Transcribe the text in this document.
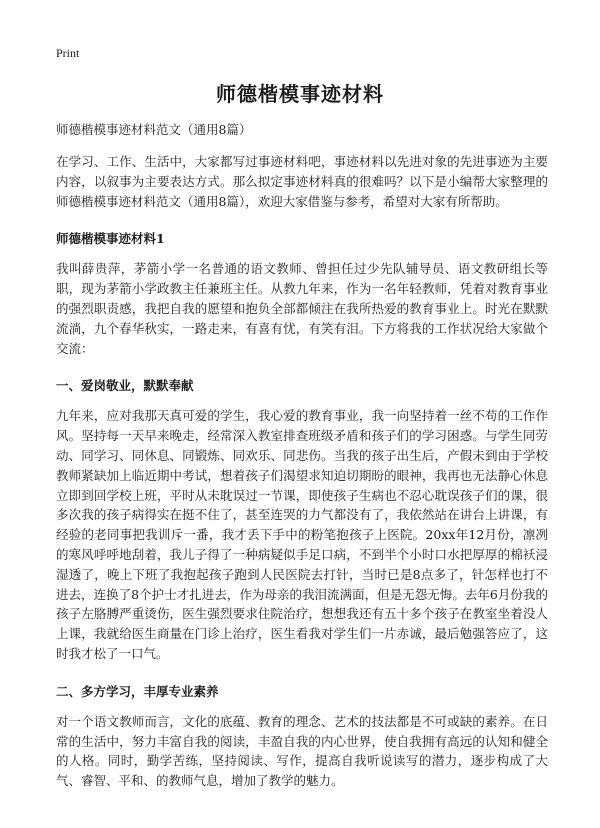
Print
师德楷模事迹材料

师德楷模事迹材料范文（通用8篇）

在学习、工作、生活中，大家都写过事迹材料吧，事迹材料以先进对象的先进事迹为主要内容，以叙事为主要表达方式。那么拟定事迹材料真的很难吗？以下是小编帮大家整理的师德楷模事迹材料范文（通用8篇），欢迎大家借鉴与参考，希望对大家有所帮助。

师德楷模事迹材料1

我叫薛贵萍，茅箭小学一名普通的语文教师、曾担任过少先队辅导员、语文教研组长等职，现为茅箭小学政教主任兼班主任。从教九年来，作为一名年轻教师，凭着对教育事业的强烈职责感，我把自我的愿望和抱负全部都倾注在我所热爱的教育事业上。时光在默默流淌，九个春华秋实，一路走来，有喜有忧，有笑有泪。下方将我的工作状况给大家做个交流：

一、爱岗敬业，默默奉献

九年来，应对我那天真可爱的学生，我心爱的教育事业，我一向坚持着一丝不苟的工作作风。坚持每一天早来晚走，经常深入教室排查班级矛盾和孩子们的学习困惑。与学生同劳动、同学习、同休息、同锻炼、同欢乐、同悲伤。当我的孩子出生后，产假未到由于学校教师紧缺加上临近期中考试，想着孩子们渴望求知迫切期盼的眼神，我再也无法静心休息立即到回学校上班，平时从未耽误过一节课，即使孩子生病也不忍心耽误孩子们的课，很多次我的孩子病得实在挺不住了，甚至连哭的力气都没有了，我依然站在讲台上讲课，有经验的老同事把我训斥一番，我才丢下手中的粉笔抱孩子上医院。20xx年12月份，凛冽的寒风呼呼地刮着，我儿子得了一种病疑似手足口病，不到半个小时口水把厚厚的棉袄浸湿透了，晚上下班了我抱起孩子跑到人民医院去打针，当时已是8点多了，针怎样也打不进去，连换了8个护士才扎进去，作为母亲的我泪流满面，但是无怨无悔。去年6月份我的孩子左胳膊严重烫伤，医生强烈要求住院治疗，想想我还有五十多个孩子在教室坐着没人上课，我就给医生商量在门诊上治疗，医生看我对学生们一片赤诚，最后勉强答应了，这时我才松了一口气。

二、多方学习，丰厚专业素养

对一个语文教师而言，文化的底蕴、教育的理念、艺术的技法都是不可或缺的素养。在日常的生活中，努力丰富自我的阅读，丰盈自我的内心世界，使自我拥有高远的认知和健全的人格。同时，勤学苦练，坚持阅读、写作，提高自我听说读写的潜力，逐步构成了大气、睿智、平和、的教师气息，增加了教学的魅力。
